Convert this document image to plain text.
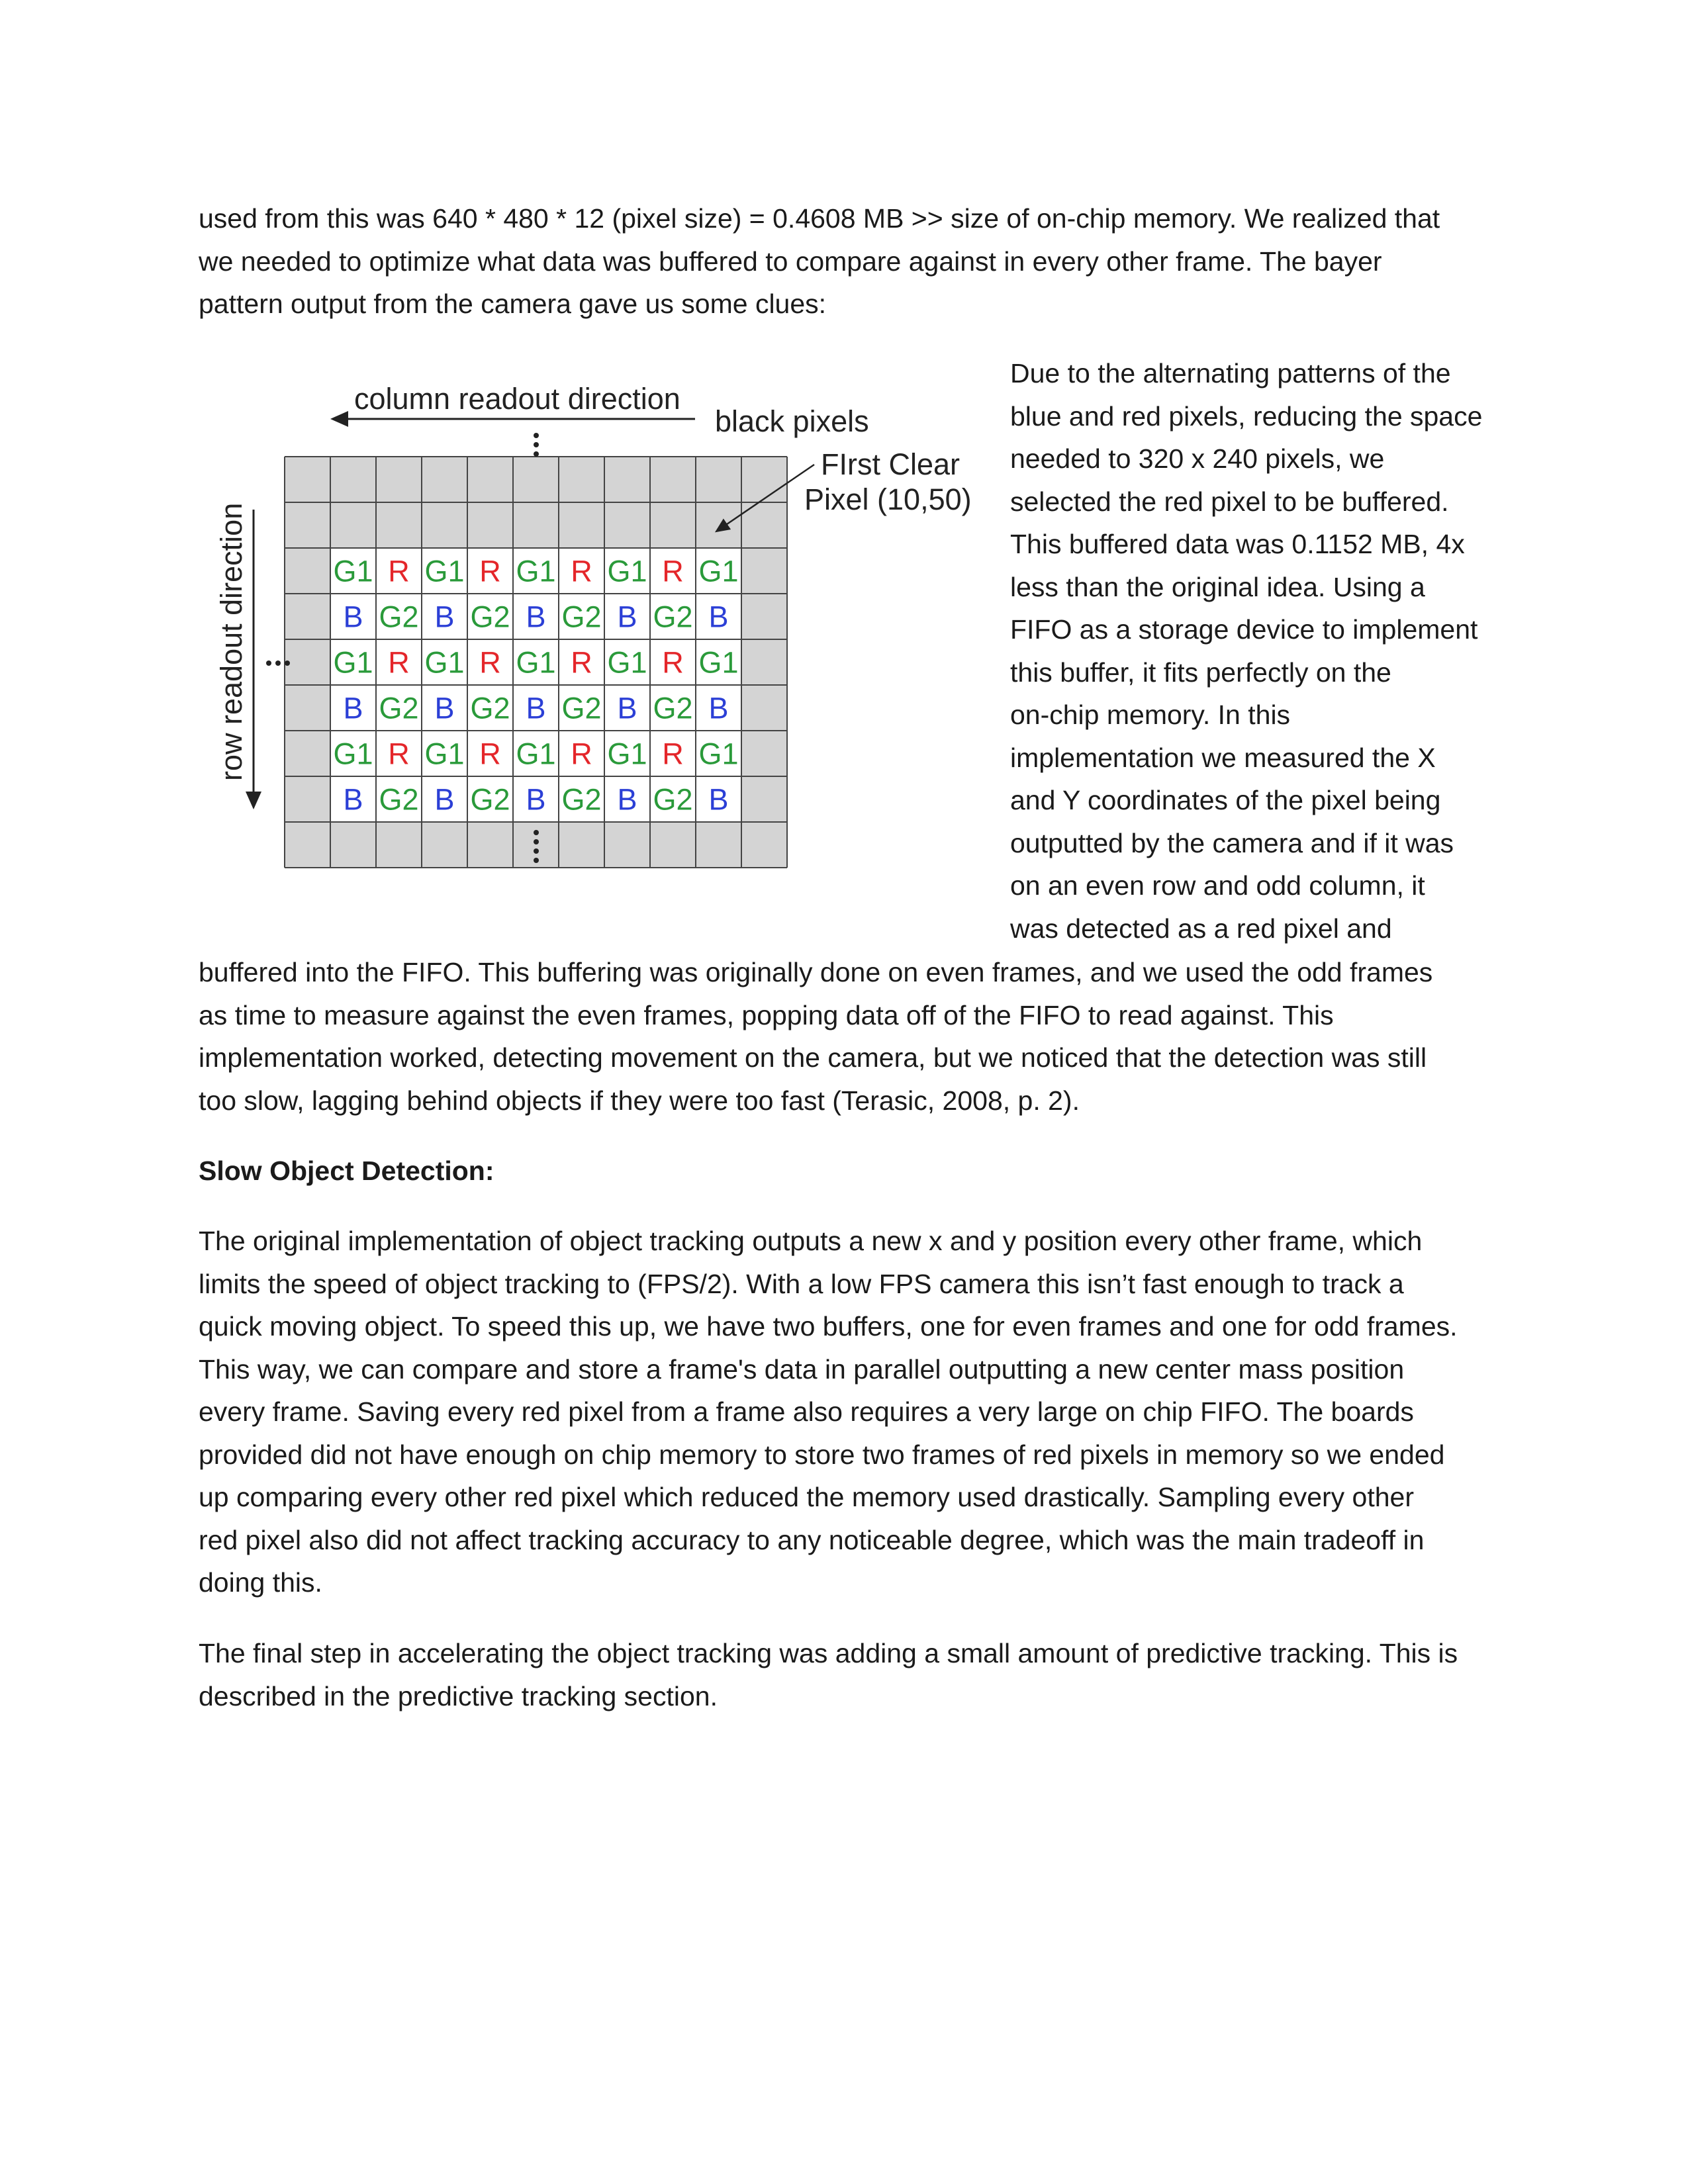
used from this was 640 * 480 * 12 (pixel size) = 0.4608 MB >> size of on-chip memory. We realized that
we needed to optimize what data was buffered to compare against in every other frame. The bayer
pattern output from the camera gave us some clues:
G1 R G1 R G1 R G1 R G1
B G2 B G2 B G2 B G2 B
G1 R G1 R G1 R G1 R G1
B G2 B G2 B G2 B G2 B
G1 R G1 R G1 R G1 R G1
B G2 B G2 B G2 B G2 B
column readout direction
black pixels
FIrst Clear
Pixel (10,50)
row readout direction
Due to the alternating patterns of the
blue and red pixels, reducing the space
needed to 320 x 240 pixels, we
selected the red pixel to be buffered.
This buffered data was 0.1152 MB, 4x
less than the original idea. Using a
FIFO as a storage device to implement
this buffer, it fits perfectly on the
on-chip memory. In this
implementation we measured the X
and Y coordinates of the pixel being
outputted by the camera and if it was
on an even row and odd column, it
was detected as a red pixel and
buffered into the FIFO. This buffering was originally done on even frames, and we used the odd frames
as time to measure against the even frames, popping data off of the FIFO to read against. This
implementation worked, detecting movement on the camera, but we noticed that the detection was still
too slow, lagging behind objects if they were too fast (Terasic, 2008, p. 2).
Slow Object Detection:
The original implementation of object tracking outputs a new x and y position every other frame, which
limits the speed of object tracking to (FPS/2). With a low FPS camera this isn’t fast enough to track a
quick moving object. To speed this up, we have two buffers, one for even frames and one for odd frames.
This way, we can compare and store a frame's data in parallel outputting a new center mass position
every frame. Saving every red pixel from a frame also requires a very large on chip FIFO. The boards
provided did not have enough on chip memory to store two frames of red pixels in memory so we ended
up comparing every other red pixel which reduced the memory used drastically. Sampling every other
red pixel also did not affect tracking accuracy to any noticeable degree, which was the main tradeoff in
doing this.
The final step in accelerating the object tracking was adding a small amount of predictive tracking. This is
described in the predictive tracking section.
